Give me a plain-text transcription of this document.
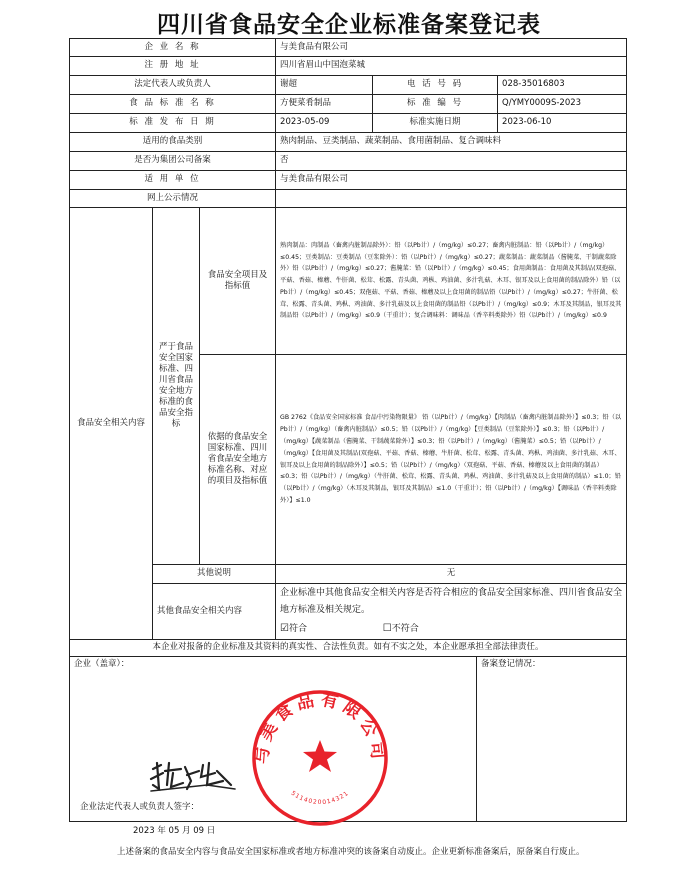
四川省食品安全企业标准备案登记表
企 业 名 称			与美食品有限公司			
注 册 地 址			四川省眉山中国泡菜城			
法定代表人或负责人			谢超	电 话 号 码		028-35016803
食 品 标 准 名 称			方便菜肴制品	标 准 编 号		Q/YMY0009S-2023
标 准 发 布 日 期			2023-05-09	标准实施日期		2023-06-10
适用的食品类别			熟肉制品、豆类制品、蔬菜制品、食用菌制品、复合调味料			
是否为集团公司备案			否			
适 用 单 位			与美食品有限公司			
网上公示情况						
食品安全相关内容	严于食品安全国家标准、四川省食品安全地方标准的食品安全指标	食品安全项目及指标值	熟肉制品：肉制品（畜禽内脏制品除外）：铅（以Pb计）/（mg/kg）≤0.27；畜禽内脏制品：铅（以Pb计）/（mg/kg）≤0.45；豆类制品：豆类制品（豆浆除外）：铅（以Pb计）/（mg/kg）≤0.27；蔬菜制品：蔬菜制品（酱腌菜、干制蔬菜除外）铅（以Pb计）/（mg/kg）≤0.27；酱腌菜：铅（以Pb计）/（mg/kg）≤0.45；食用菌制品：食用菌及其制品(双孢菇、平菇、香菇、榛蘑、牛肝菌、松茸、松露、青头菌、鸡枞、鸡油菌、多汁乳菇、木耳、银耳及以上食用菌的制品除外）铅（以Pb计）/（mg/kg）≤0.45；双孢菇、平菇、香菇、榛蘑及以上食用菌的制品铅（以Pb计）/（mg/kg）≤0.27；牛肝菌、松茸、松露、青头菌、鸡枞、鸡油菌、多汁乳菇及以上食用菌的制品铅（以Pb计）/（mg/kg）≤0.9；木耳及其制品，银耳及其制品铅（以Pb计）/（mg/kg）≤0.9（干重计）；复合调味料：调味品（香辛料类除外）铅（以Pb计）/（mg/kg）≤0.9			
		依据的食品安全国家标准、四川省食品安全地方标准名称、对应的项目及指标值	GB 2762《食品安全国家标准 食品中污染物限量》 铅（以Pb计）/（mg/kg）【肉制品（畜禽内脏制品除外）】≤0.3；铅（以Pb计）/（mg/kg）（畜禽内脏制品）≤0.5；铅（以Pb计）/（mg/kg）【豆类制品（豆浆除外）】≤0.3；铅（以Pb计）/（mg/kg）【蔬菜制品（酱腌菜、干制蔬菜除外）】≤0.3；铅（以Pb计）/（mg/kg）（酱腌菜）≤0.5；铅（以Pb计）/（mg/kg）【食用菌及其制品(双孢菇、平菇、香菇、榛蘑、牛肝菌、松茸、松露、青头菌、鸡枞、鸡油菌、多汁乳菇、木耳、银耳及以上食用菌的制品除外）】≤0.5；铅（以Pb计）/（mg/kg）（双孢菇、平菇、香菇、榛蘑及以上食用菌的制品）≤0.3；铅（以Pb计）/（mg/kg）（牛肝菌、松茸、松露、青头菌、鸡枞、鸡油菌、多汁乳菇及以上食用菌的制品）≤1.0；铅（以Pb计）/（mg/kg）（木耳及其制品，银耳及其制品）≤1.0（干重计）；铅（以Pb计）/（mg/kg）【调味品（香辛料类除外）】≤1.0			
	其他说明		无			
	其他食品安全相关内容		企业标准中其他食品安全相关内容是否符合相应的食品安全国家标准、四川省食品安全地方标准及相关规定。
☑符合 ☐不符合			

本企业对报备的企业标准及其资料的真实性、合法性负责。如有不实之处，本企业愿承担全部法律责任。						

企业（盖章）：					备案登记情况：	
企业法定代表人或负责人签字：
2023 年 05 月 09 日
与美食品有限公司
5114020014321
上述备案的食品安全内容与食品安全国家标准或者地方标准冲突的该备案自动废止。企业更新标准备案后，原备案自行废止。
